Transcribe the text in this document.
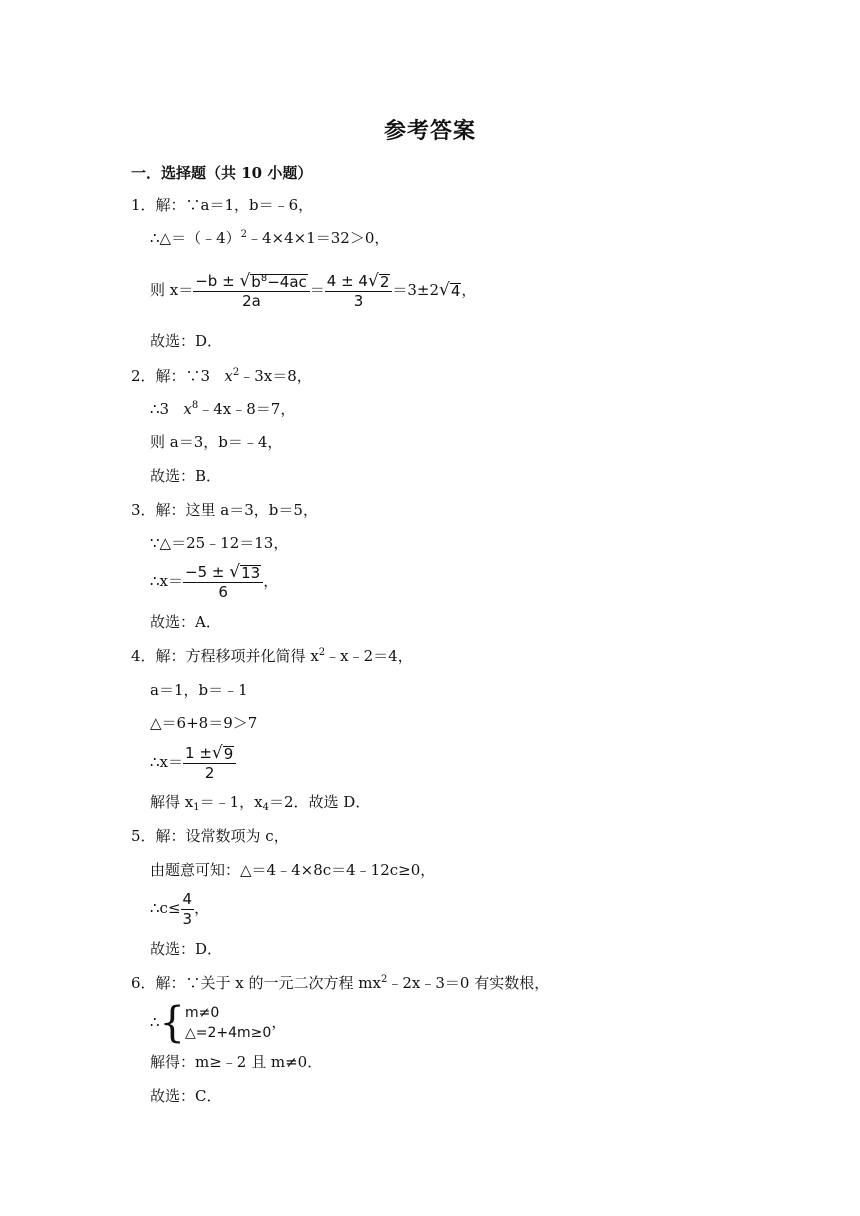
参考答案
一．选择题（共 10 小题）
1．解：∵a＝1，b＝﹣6，
∴△＝（﹣4）$^2$﹣4×4×1＝32＞0，
则 x＝ −b ±
√ $b^8-4ac$
$2a = \frac{4 \pm 4 √ 2}{3} =3\pm 2$ √ 4 ，
故选：D．
2．解：∵3 $x^2﹣3x=8$，
∴3 $x^8﹣4x﹣8=7$，
则 a＝3，b＝﹣4，
故选：B．
3．解：这里 a＝3，b＝5，
∵△＝25﹣12＝13，
∴x＝ −5 ±
√ 13
6 ，
故选：A．
4．解：方程移项并化简得 $x^2﹣x﹣2=4$，
a＝1，b＝﹣1
△＝6+8＝9＞7
∴x＝ $\frac{1 \pm √ 9}{2}$
解得 $x_1=﹣1$，$x_4=2$．故选 D．
5．解：设常数项为 c，
由题意可知：△＝4﹣4×8c＝4﹣12c≥0，
∴c≤ $\frac{4}{3}$ ，
故选：D．
6．解：∵关于 x 的一元二次方程 $mx^2﹣2x﹣3=0$ 有实数根，
∴ { m≠0
△=2+4m≥0
，
解得：m≥﹣2 且 m≠0．
故选：C．
